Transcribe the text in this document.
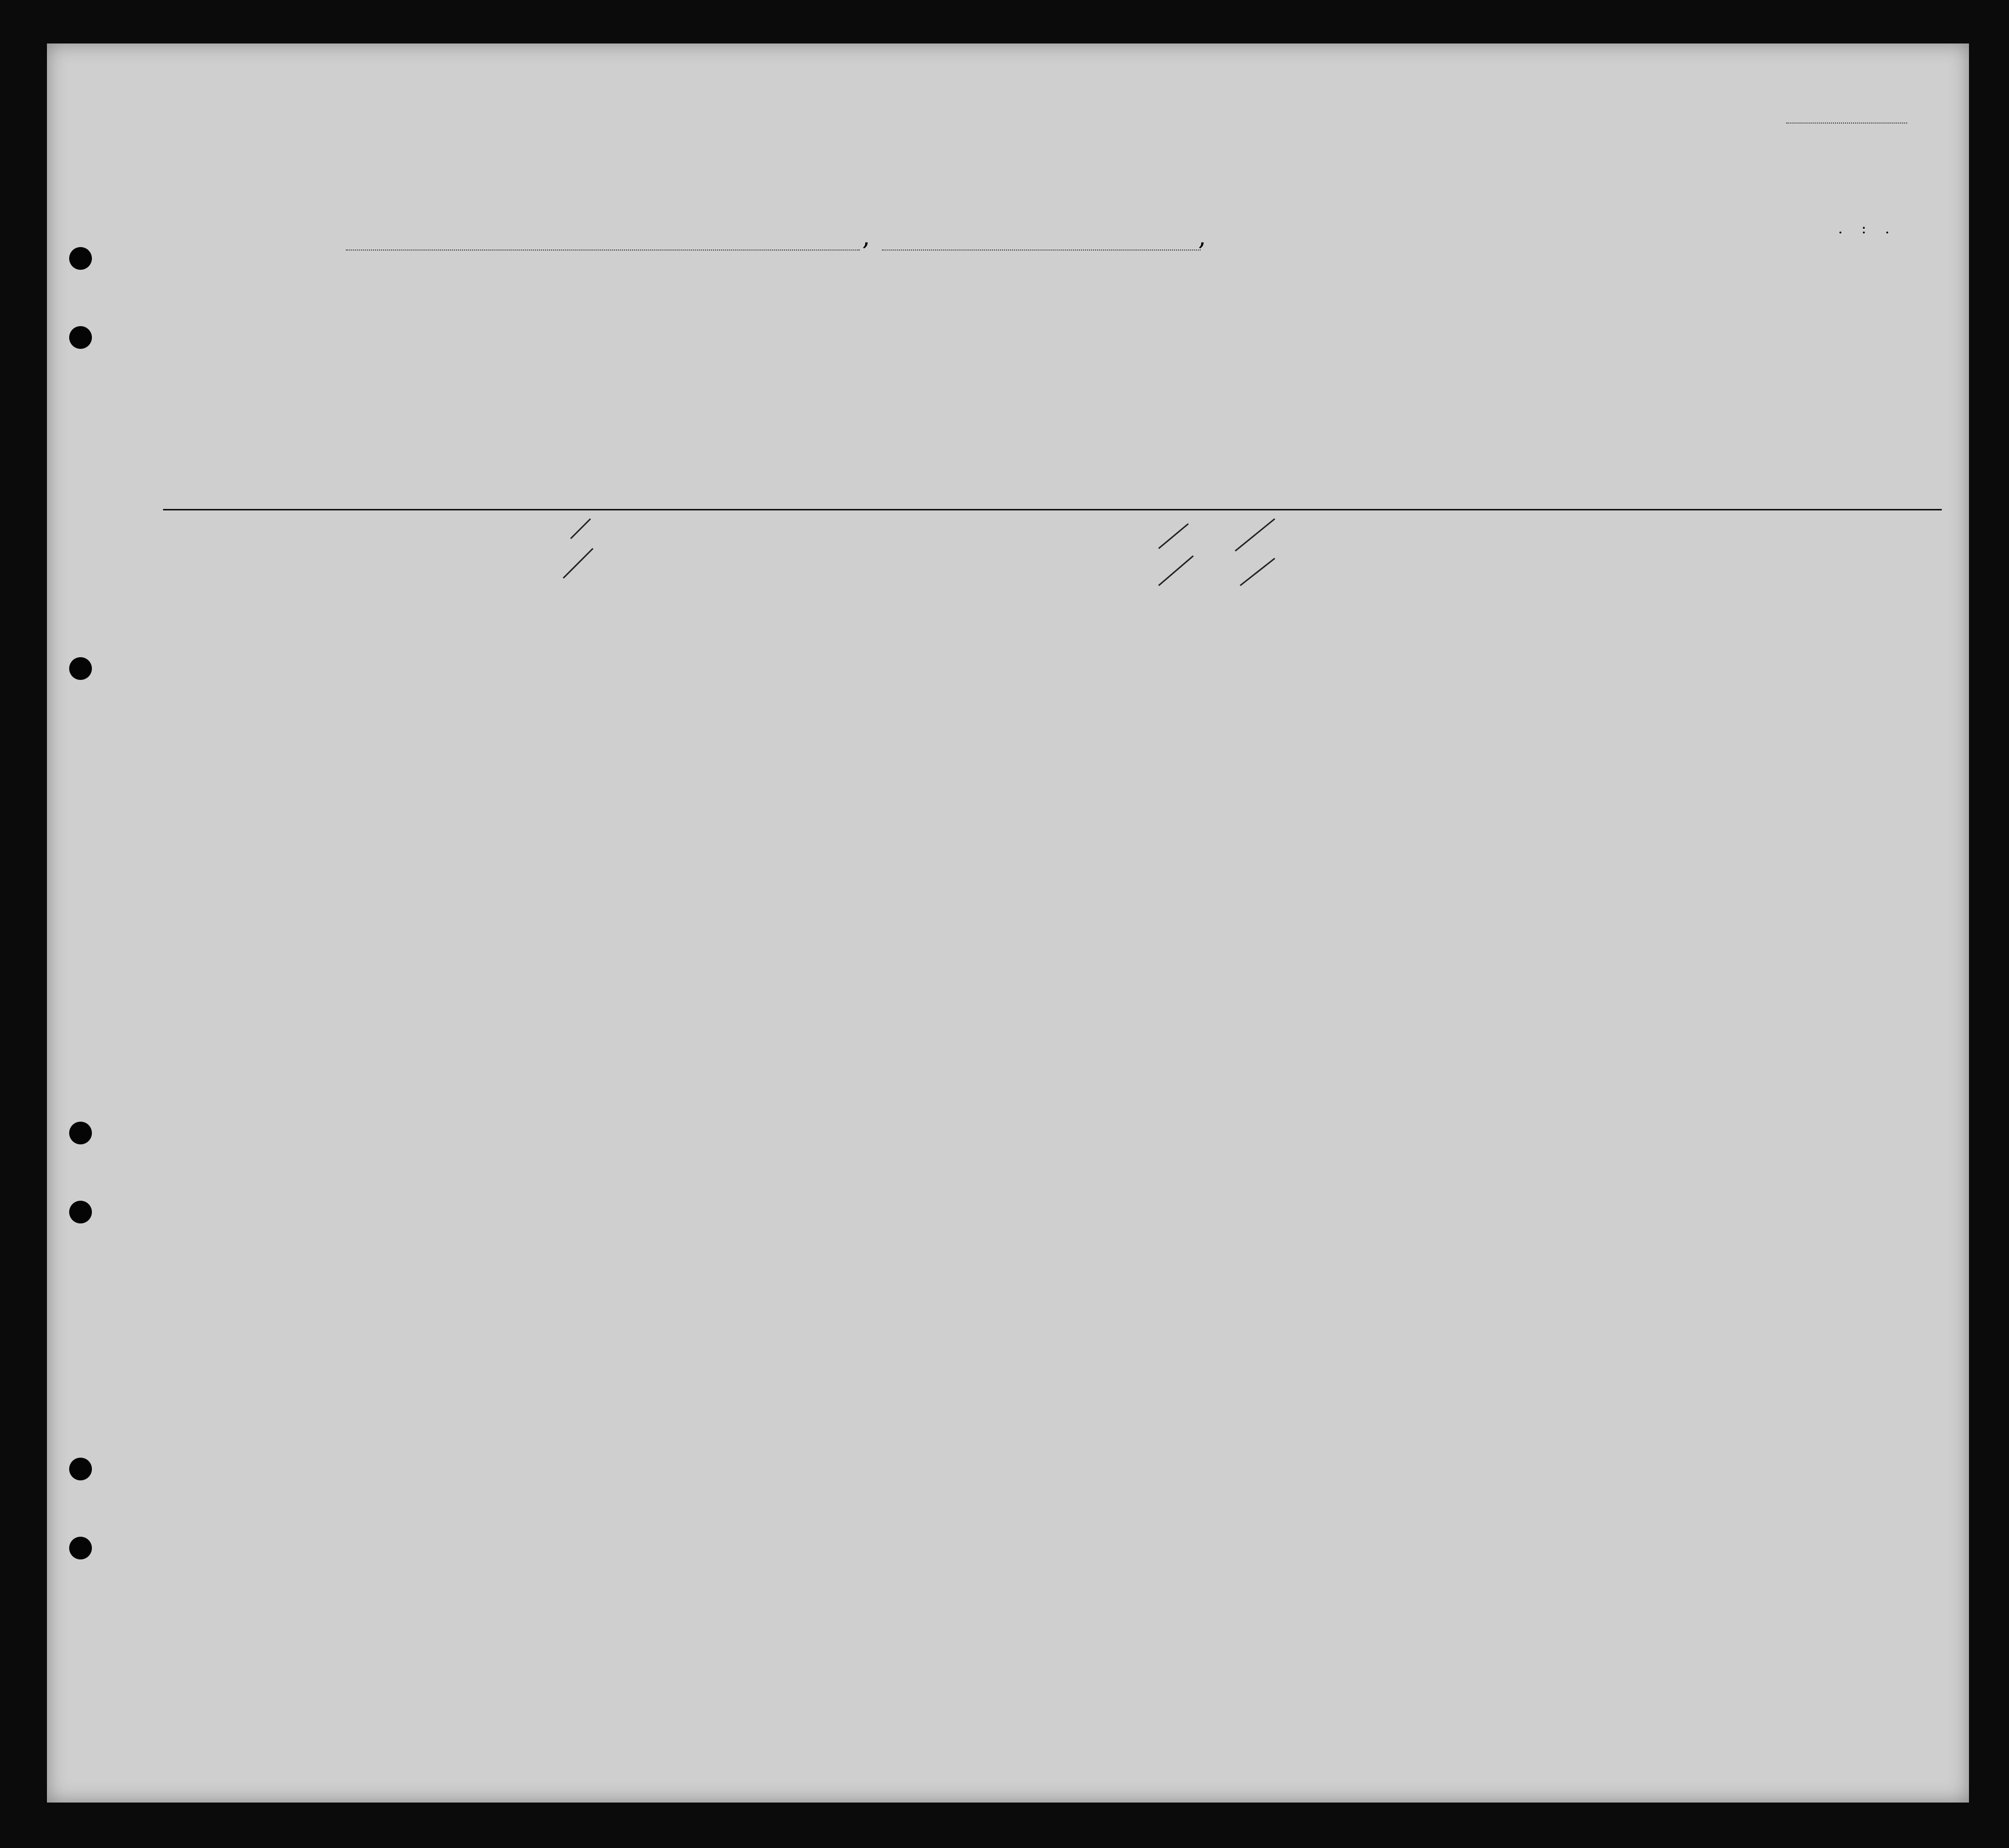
,	,	. : .
